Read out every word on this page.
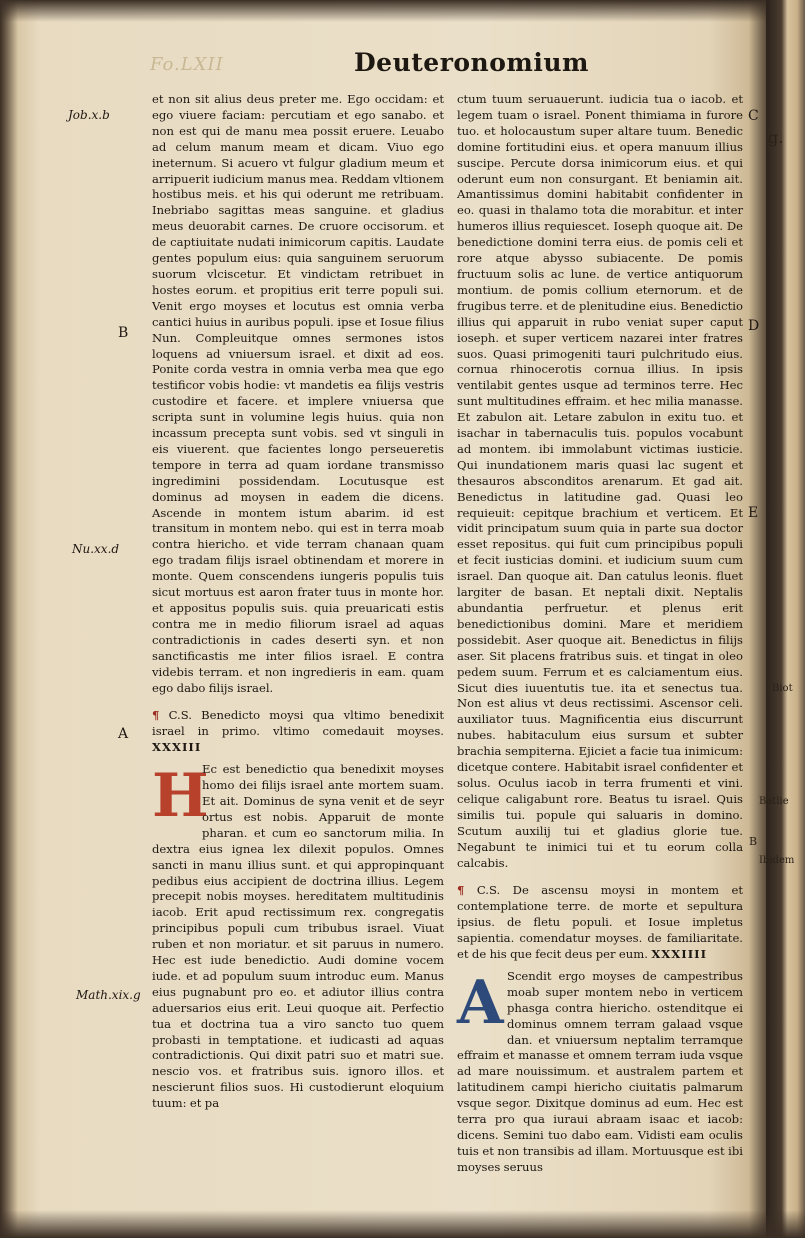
Fo.LXII	Deuteronomium
Job.x.b
B
Nu.xx.d
A
Math.xix.g
C
D
E
g.
Biot
Batlie
B
Ibidem

et non sit alius deus preter me. Ego occidam: et ego viuere faciam: percutiam et ego sanabo. et non est qui de manu mea possit eruere. Leuabo ad celum manum meam et dicam. Viuo ego ineternum. Si acuero vt fulgur gladium meum et arripuerit iudicium manus mea. Reddam vltionem hostibus meis. et his qui oderunt me retribuam. Inebriabo sagittas meas sanguine. et gladius meus deuorabit carnes. De cruore occisorum. et de captiuitate nudati inimicorum capitis. Laudate gentes populum eius: quia sanguinem seruorum suorum vlciscetur. Et vindictam retribuet in hostes eorum. et propitius erit terre populi sui. Venit ergo moyses et locutus est omnia verba cantici huius in auribus populi. ipse et Iosue filius Nun. Compleuitque omnes sermones istos loquens ad vniuersum israel. et dixit ad eos. Ponite corda vestra in omnia verba mea que ego testificor vobis hodie: vt mandetis ea filijs vestris custodire et facere. et implere vniuersa que scripta sunt in volumine legis huius. quia non incassum precepta sunt vobis. sed vt singuli in eis viuerent. que facientes longo perseueretis tempore in terra ad quam iordane transmisso ingredimini possidendam. Locutusque est dominus ad moysen in eadem die dicens. Ascende in montem istum abarim. id est transitum in montem nebo. qui est in terra moab contra hiericho. et vide terram chanaan quam ego tradam filijs israel obtinendam et morere in monte. Quem conscendens iungeris populis tuis sicut mortuus est aaron frater tuus in monte hor. et appositus populis suis. quia preuaricati estis contra me in medio filiorum israel ad aquas contradictionis in cades deserti syn. et non sanctificastis me inter filios israel. E contra videbis terram. et non ingredieris in eam. quam ego dabo filijs israel.

¶ C.S. Benedicto moysi qua vltimo benedixit israel in primo. vltimo comedauit moyses. XXXIII

H
Ec est benedictio qua benedixit moyses homo dei filijs israel ante mortem suam. Et ait. Dominus de syna venit et de seyr ortus est nobis. Apparuit de monte pharan. et cum eo sanctorum milia. In dextra eius ignea lex dilexit populos. Omnes sancti in manu illius sunt. et qui appropinquant pedibus eius accipient de doctrina illius. Legem precepit nobis moyses. hereditatem multitudinis iacob. Erit apud rectissimum rex. congregatis principibus populi cum tribubus israel. Viuat ruben et non moriatur. et sit paruus in numero. Hec est iude benedictio. Audi domine vocem iude. et ad populum suum introduc eum. Manus eius pugnabunt pro eo. et adiutor illius contra aduersarios eius erit. Leui quoque ait. Perfectio tua et doctrina tua a viro sancto tuo quem probasti in temptatione. et iudicasti ad aquas contradictionis. Qui dixit patri suo et matri sue. nescio vos. et fratribus suis. ignoro illos. et nescierunt filios suos. Hi custodierunt eloquium tuum: et pa

ctum tuum seruauerunt. iudicia tua o iacob. et legem tuam o israel. Ponent thimiama in furore tuo. et holocaustum super altare tuum. Benedic domine fortitudini eius. et opera manuum illius suscipe. Percute dorsa inimicorum eius. et qui oderunt eum non consurgant. Et beniamin ait. Amantissimus domini habitabit confidenter in eo. quasi in thalamo tota die morabitur. et inter humeros illius requiescet. Ioseph quoque ait. De benedictione domini terra eius. de pomis celi et rore atque abysso subiacente. De pomis fructuum solis ac lune. de vertice antiquorum montium. de pomis collium eternorum. et de frugibus terre. et de plenitudine eius. Benedictio illius qui apparuit in rubo veniat super caput ioseph. et super verticem nazarei inter fratres suos. Quasi primogeniti tauri pulchritudo eius. cornua rhinocerotis cornua illius. In ipsis ventilabit gentes usque ad terminos terre. Hec sunt multitudines effraim. et hec milia manasse. Et zabulon ait. Letare zabulon in exitu tuo. et isachar in tabernaculis tuis. populos vocabunt ad montem. ibi immolabunt victimas iusticie. Qui inundationem maris quasi lac sugent et thesauros absconditos arenarum. Et gad ait. Benedictus in latitudine gad. Quasi leo requieuit: cepitque brachium et verticem. Et vidit principatum suum quia in parte sua doctor esset repositus. qui fuit cum principibus populi et fecit iusticias domini. et iudicium suum cum israel. Dan quoque ait. Dan catulus leonis. fluet largiter de basan. Et neptali dixit. Neptalis abundantia perfruetur. et plenus erit benedictionibus domini. Mare et meridiem possidebit. Aser quoque ait. Benedictus in filijs aser. Sit placens fratribus suis. et tingat in oleo pedem suum. Ferrum et es calciamentum eius. Sicut dies iuuentutis tue. ita et senectus tua. Non est alius vt deus rectissimi. Ascensor celi. auxiliator tuus. Magnificentia eius discurrunt nubes. habitaculum eius sursum et subter brachia sempiterna. Ejiciet a facie tua inimicum: dicetque contere. Habitabit israel confidenter et solus. Oculus iacob in terra frumenti et vini. celique caligabunt rore. Beatus tu israel. Quis similis tui. popule qui saluaris in domino. Scutum auxilij tui et gladius glorie tue. Negabunt te inimici tui et tu eorum colla calcabis.

¶ C.S. De ascensu moysi in montem et contemplatione terre. de morte et sepultura ipsius. de fletu populi. et Iosue impletus sapientia. comendatur moyses. de familiaritate. et de his que fecit deus per eum. XXXIIII

A Scendit ergo moyses de campestribus moab super montem nebo in verticem phasga contra hiericho. ostenditque ei dominus omnem terram galaad vsque dan. et vniuersum neptalim terramque effraim et manasse et omnem terram iuda vsque ad mare nouissimum. et australem partem et latitudinem campi hiericho ciuitatis palmarum vsque segor. Dixitque dominus ad eum. Hec est terra pro qua iuraui abraam isaac et iacob: dicens. Semini tuo dabo eam. Vidisti eam oculis tuis et non transibis ad illam. Mortuusque est ibi moyses seruus
